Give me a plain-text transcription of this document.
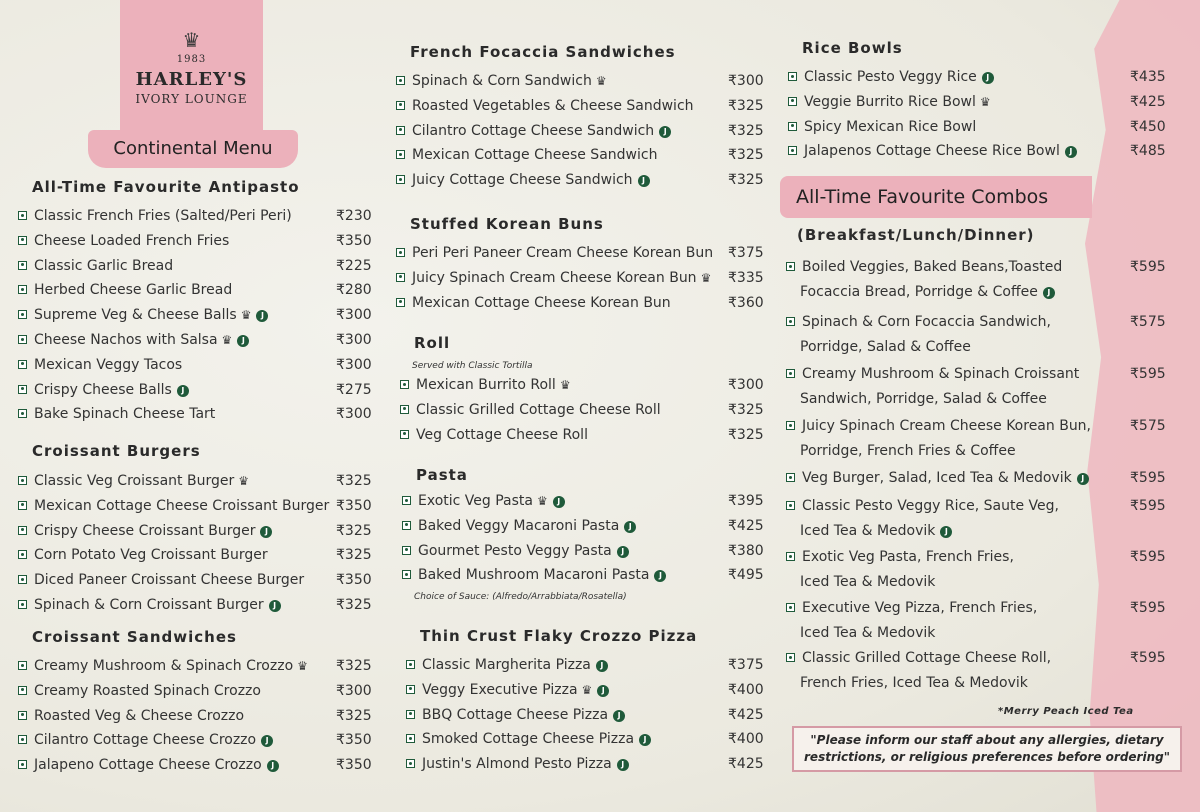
♛
1983
HARLEY'S
IVORY LOUNGE
Continental Menu
All-Time Favourite Antipasto
Classic French Fries (Salted/Peri Peri)	₹230
Cheese Loaded French Fries	₹350
Classic Garlic Bread	₹225
Herbed Cheese Garlic Bread	₹280
Supreme Veg & Cheese Balls ♛ J	₹300
Cheese Nachos with Salsa ♛ J	₹300
Mexican Veggy Tacos	₹300
Crispy Cheese Balls J	₹275
Bake Spinach Cheese Tart	₹300
Croissant Burgers
Classic Veg Croissant Burger ♛	₹325
Mexican Cottage Cheese Croissant Burger ₹350
Crispy Cheese Croissant Burger J	₹325
Corn Potato Veg Croissant Burger	₹325
Diced Paneer Croissant Cheese Burger ₹350
Spinach & Corn Croissant Burger J	₹325
Croissant Sandwiches
Creamy Mushroom & Spinach Crozzo ♛ ₹325
Creamy Roasted Spinach Crozzo	₹300
Roasted Veg & Cheese Crozzo	₹325
Cilantro Cottage Cheese Crozzo J	₹350
Jalapeno Cottage Cheese Crozzo J	₹350
French Focaccia Sandwiches
Spinach & Corn Sandwich ♛	₹300
Roasted Vegetables & Cheese Sandwich ₹325
Cilantro Cottage Cheese Sandwich J	₹325
Mexican Cottage Cheese Sandwich	₹325
Juicy Cottage Cheese Sandwich J	₹325
Stuffed Korean Buns
Peri Peri Paneer Cream Cheese Korean Bun ₹375
Juicy Spinach Cream Cheese Korean Bun ♛ ₹335
Mexican Cottage Cheese Korean Bun	₹360
Roll
Served with Classic Tortilla
Mexican Burrito Roll ♛	₹300
Classic Grilled Cottage Cheese Roll	₹325
Veg Cottage Cheese Roll	₹325
Pasta
Choice of Sauce: (Alfredo/Arrabbiata/Rosatella)
Exotic Veg Pasta ♛ J	₹395
Baked Veggy Macaroni Pasta J	₹425
Gourmet Pesto Veggy Pasta J	₹380
Baked Mushroom Macaroni Pasta J	₹495
Thin Crust Flaky Crozzo Pizza
Classic Margherita Pizza J	₹375
Veggy Executive Pizza ♛ J	₹400
BBQ Cottage Cheese Pizza J	₹425
Smoked Cottage Cheese Pizza J	₹400
Justin's Almond Pesto Pizza J	₹425
Rice Bowls
Classic Pesto Veggy Rice J	₹435
Veggie Burrito Rice Bowl ♛	₹425
Spicy Mexican Rice Bowl	₹450
Jalapenos Cottage Cheese Rice Bowl J	₹485
Boiled Veggies, Baked Beans,Toasted
Focaccia Bread, Porridge & Coffee J
₹595
Spinach & Corn Focaccia Sandwich,
Porridge, Salad & Coffee
₹575
Creamy Mushroom & Spinach Croissant
Sandwich, Porridge, Salad & Coffee
₹595
Juicy Spinach Cream Cheese Korean Bun,
Porridge, French Fries & Coffee
₹575
Veg Burger, Salad, Iced Tea & Medovik J	₹595
Classic Pesto Veggy Rice, Saute Veg,
Iced Tea & Medovik J
₹595
Exotic Veg Pasta, French Fries,
Iced Tea & Medovik
₹595
Executive Veg Pizza, French Fries,
Iced Tea & Medovik
₹595
Classic Grilled Cottage Cheese Roll,
French Fries, Iced Tea & Medovik
₹595
All-Time Favourite Combos
(Breakfast/Lunch/Dinner)
*Merry Peach Iced Tea
"Please inform our staff about any allergies, dietary restrictions, or religious preferences before ordering"
